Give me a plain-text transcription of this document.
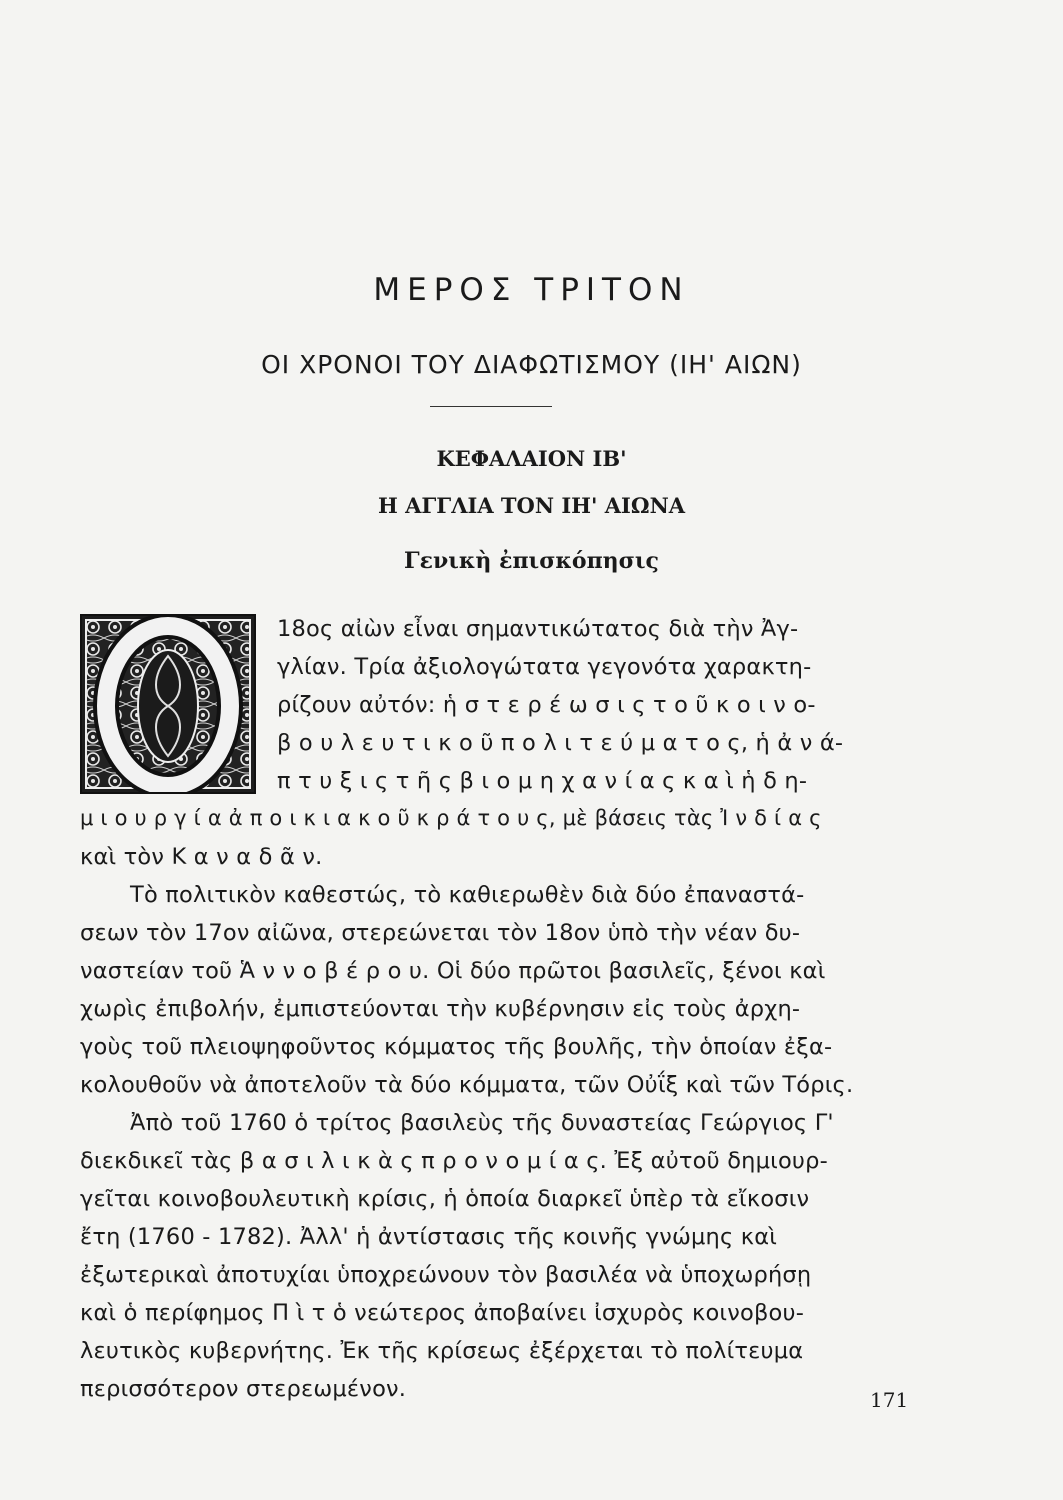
ΜΕΡΟΣ ΤΡΙΤΟΝ
ΟΙ ΧΡΟΝΟΙ ΤΟΥ ΔΙΑΦΩΤΙΣΜΟΥ (ΙΗ' ΑΙΩΝ)
ΚΕΦΑΛΑΙΟΝ ΙΒ'
Η ΑΓΓΛΙΑ ΤΟΝ ΙΗ' ΑΙΩΝΑ
Γενικὴ ἐπισκόπησις
18ος αἰὼν εἶναι σημαντικώτατος διὰ τὴν Ἀγ-
γλίαν. Τρία ἀξιολογώτατα γεγονότα χαρακτη-
ρίζουν αὐτόν: ἡ σ τ ε ρ έ ω σ ι ς τ ο ῦ κ ο ι ν ο-
β ο υ λ ε υ τ ι κ ο ῦ π ο λ ι τ ε ύ μ α τ ο ς, ἡ ἀ ν ά-
π τ υ ξ ι ς τ ῆ ς β ι ο μ η χ α ν ί α ς κ α ὶ ἡ δ η-
μ ι ο υ ρ γ ί α ἀ π ο ι κ ι α κ ο ῦ κ ρ ά τ ο υ ς, μὲ βάσεις τὰς Ἰ ν δ ί α ς
καὶ τὸν Κ α ν α δ ᾶ ν.
Τὸ πολιτικὸν καθεστώς, τὸ καθιερωθὲν διὰ δύο ἐπαναστά-
σεων τὸν 17ον αἰῶνα, στερεώνεται τὸν 18ον ὑπὸ τὴν νέαν δυ-
ναστείαν τοῦ Ἁ ν ν ο β έ ρ ο υ. Οἱ δύο πρῶτοι βασιλεῖς, ξένοι καὶ
χωρὶς ἐπιβολήν, ἐμπιστεύονται τὴν κυβέρνησιν εἰς τοὺς ἀρχη-
γοὺς τοῦ πλειοψηφοῦντος κόμματος τῆς βουλῆς, τὴν ὁποίαν ἐξα-
κολουθοῦν νὰ ἀποτελοῦν τὰ δύο κόμματα, τῶν Οὐΐξ καὶ τῶν Τόρις.
Ἀπὸ τοῦ 1760 ὁ τρίτος βασιλεὺς τῆς δυναστείας Γεώργιος Γ'
διεκδικεῖ τὰς β α σ ι λ ι κ ὰ ς π ρ ο ν ο μ ί α ς. Ἐξ αὐτοῦ δημιουρ-
γεῖται κοινοβουλευτικὴ κρίσις, ἡ ὁποία διαρκεῖ ὑπὲρ τὰ εἴκοσιν
ἔτη (1760 - 1782). Ἀλλ' ἡ ἀντίστασις τῆς κοινῆς γνώμης καὶ
ἐξωτερικαὶ ἀποτυχίαι ὑποχρεώνουν τὸν βασιλέα νὰ ὑποχωρήσῃ
καὶ ὁ περίφημος Π ὶ τ ὁ νεώτερος ἀποβαίνει ἰσχυρὸς κοινοβου-
λευτικὸς κυβερνήτης. Ἐκ τῆς κρίσεως ἐξέρχεται τὸ πολίτευμα
περισσότερον στερεωμένον.	171
